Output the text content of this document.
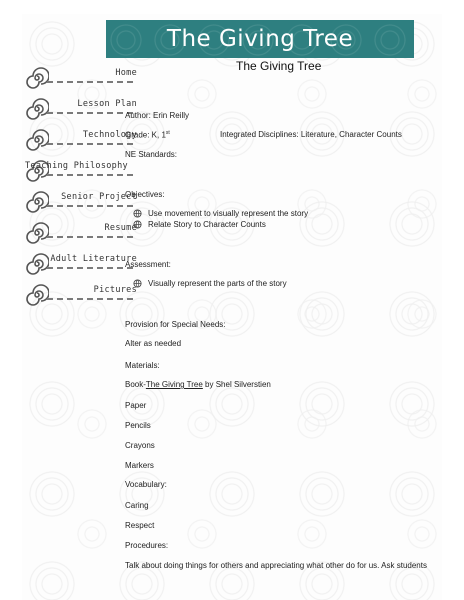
The Giving Tree
The Giving Tree
Home
Lesson Plan
Technology
Teaching Philosophy
Senior Project
Resume
Adult Literature
Pictures
Author: Erin Reilly
Grade: K, 1st	Integrated Disciplines: Literature, Character Counts
NE Standards:
Objectives:
Use movement to visually represent the story
Relate Story to Character Counts
Assessment:
Visually represent the parts of the story
Provision for Special Needs:
Alter as needed
Materials:
Book-The Giving Tree by Shel Silverstien
Paper
Pencils
Crayons
Markers
Vocabulary:
Caring
Respect
Procedures:
Talk about doing things for others and appreciating what other do for us. Ask students
